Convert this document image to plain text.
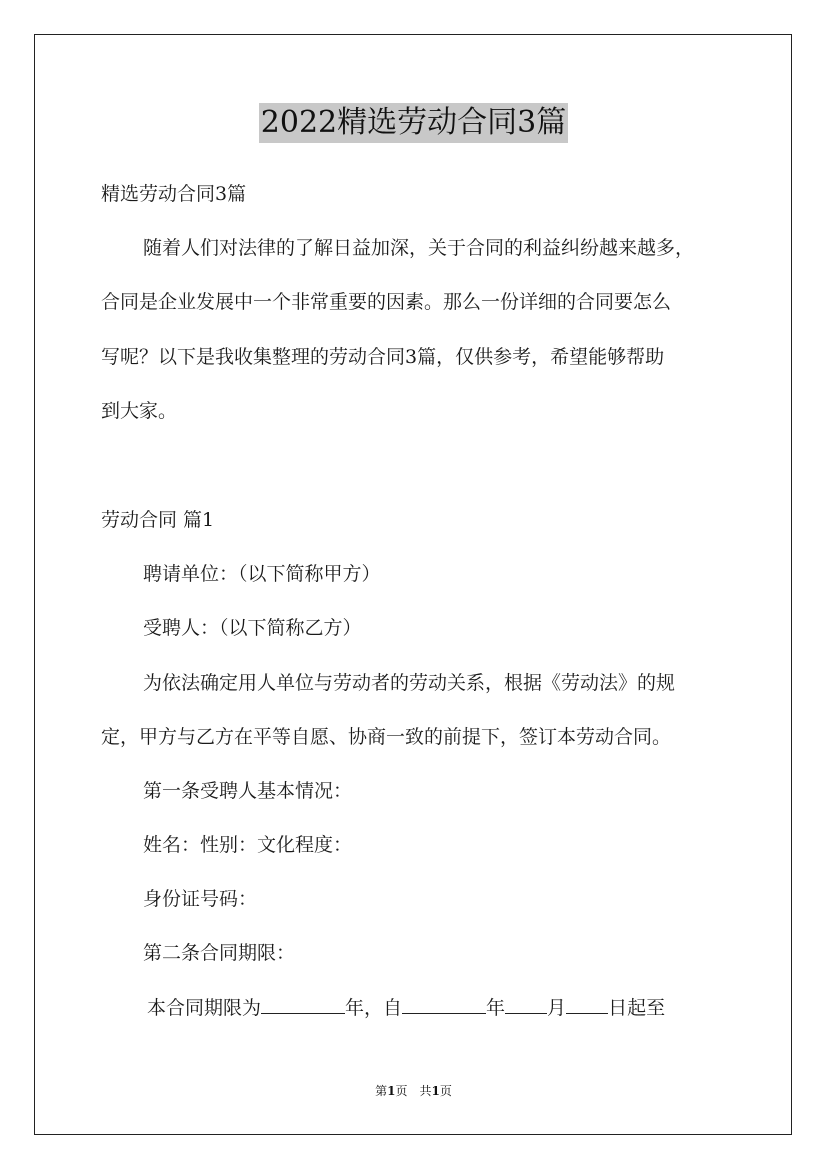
2022精选劳动合同3篇
精选劳动合同3篇
随着人们对法律的了解日益加深，关于合同的利益纠纷越来越多，
合同是企业发展中一个非常重要的因素。那么一份详细的合同要怎么
写呢？以下是我收集整理的劳动合同3篇，仅供参考，希望能够帮助
到大家。
劳动合同 篇1
聘请单位：（以下简称甲方）
受聘人：（以下简称乙方）
为依法确定用人单位与劳动者的劳动关系，根据《劳动法》的规
定，甲方与乙方在平等自愿、协商一致的前提下，签订本劳动合同。
第一条受聘人基本情况：
姓名：性别：文化程度：
身份证号码：
第二条合同期限：
本合同期限为	年，自	年 月 日起至
第1页　共1页
